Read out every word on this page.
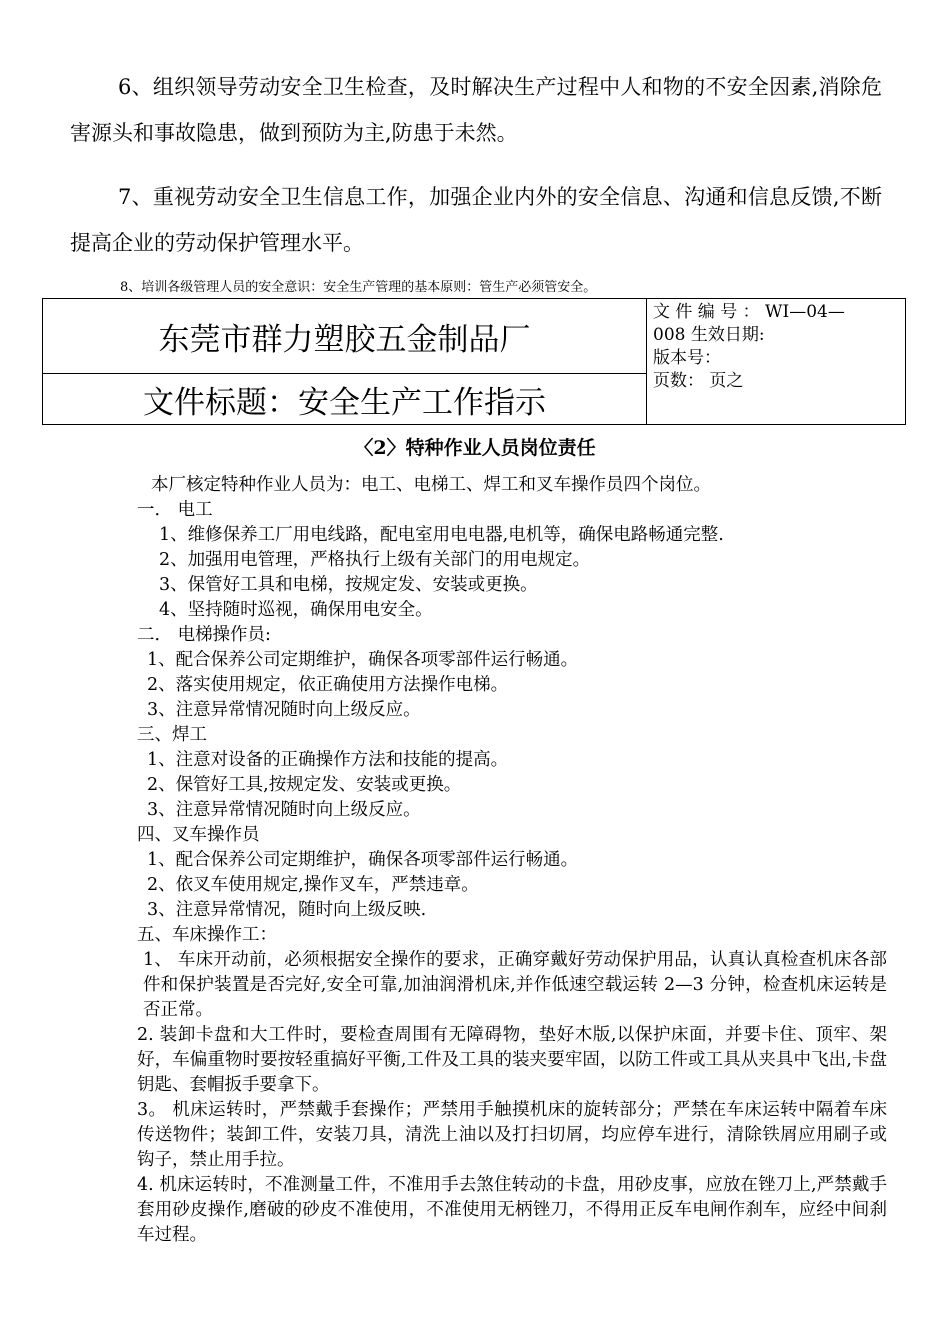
6、组织领导劳动安全卫生检查，及时解决生产过程中人和物的不安全因素,消除危害源头和事故隐患，做到预防为主,防患于未然。

7、重视劳动安全卫生信息工作，加强企业内外的安全信息、沟通和信息反馈,不断提高企业的劳动保护管理水平。

8、培训各级管理人员的安全意识：安全生产管理的基本原则：管生产必须管安全。

东莞市群力塑胶五金制品厂	
文 件 编 号 ： WI—04—
008 生效日期:
版本号：
页数： 页之

文件标题：安全生产工作指示

〈2〉特种作业人员岗位责任

本厂核定特种作业人员为：电工、电梯工、焊工和叉车操作员四个岗位。
一． 电工
1、维修保养工厂用电线路，配电室用电电器,电机等，确保电路畅通完整.
2、加强用电管理，严格执行上级有关部门的用电规定。
3、保管好工具和电梯，按规定发、安装或更换。
4、坚持随时巡视，确保用电安全。
二． 电梯操作员:
1、配合保养公司定期维护，确保各项零部件运行畅通。
2、落实使用规定，依正确使用方法操作电梯。
3、注意异常情况随时向上级反应。
三、焊工
1、注意对设备的正确操作方法和技能的提高。
2、保管好工具,按规定发、安装或更换。
3、注意异常情况随时向上级反应。
四、叉车操作员
1、配合保养公司定期维护，确保各项零部件运行畅通。
2、依叉车使用规定,操作叉车，严禁违章。
3、注意异常情况，随时向上级反映.
五、车床操作工：
1、 车床开动前，必须根据安全操作的要求，正确穿戴好劳动保护用品，认真认真检查机床各部件和保护装置是否完好,安全可靠,加油润滑机床,并作低速空载运转 2—3 分钟，检查机床运转是否正常。
2. 装卸卡盘和大工件时，要检查周围有无障碍物，垫好木版,以保护床面，并要卡住、顶牢、架好，车偏重物时要按轻重搞好平衡,工件及工具的装夹要牢固，以防工件或工具从夹具中飞出,卡盘钥匙、套帽扳手要拿下。
3。 机床运转时，严禁戴手套操作；严禁用手触摸机床的旋转部分；严禁在车床运转中隔着车床传送物件；装卸工件，安装刀具，清洗上油以及打扫切屑，均应停车进行，清除铁屑应用刷子或钩子，禁止用手拉。
4. 机床运转时，不准测量工件，不准用手去煞住转动的卡盘，用砂皮事，应放在锉刀上,严禁戴手套用砂皮操作,磨破的砂皮不准使用，不准使用无柄锉刀，不得用正反车电闸作刹车，应经中间刹车过程。
